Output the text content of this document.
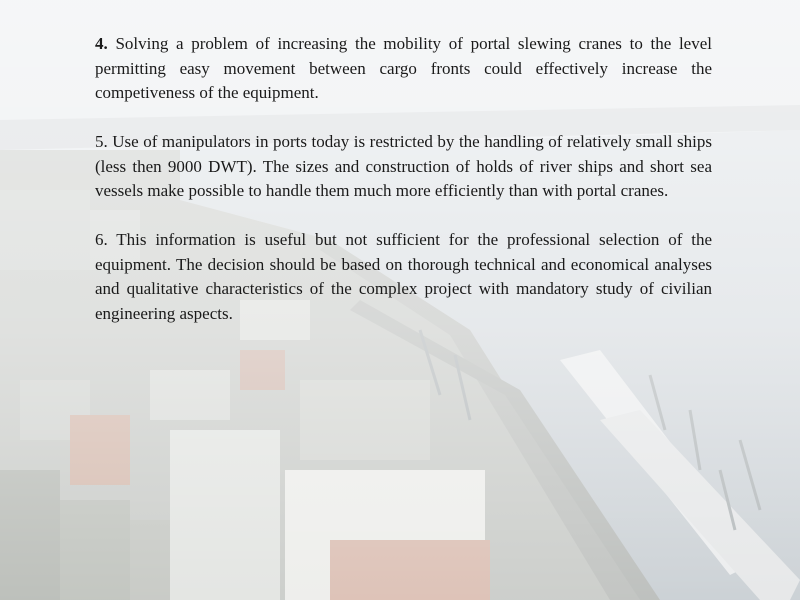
4. Solving a problem of increasing the mobility of portal slewing cranes to the level permitting easy movement between cargo fronts could effectively increase the competiveness of the equipment.

5. Use of manipulators in ports today is restricted by the handling of relatively small ships (less then 9000 DWT). The sizes and construction of holds of river ships and short sea vessels make possible to handle them much more efficiently than with portal cranes.

6. This information is useful but not sufficient for the professional selection of the equipment. The decision should be based on thorough technical and economical analyses and qualitative characteristics of the complex project with mandatory study of civilian engineering aspects.
